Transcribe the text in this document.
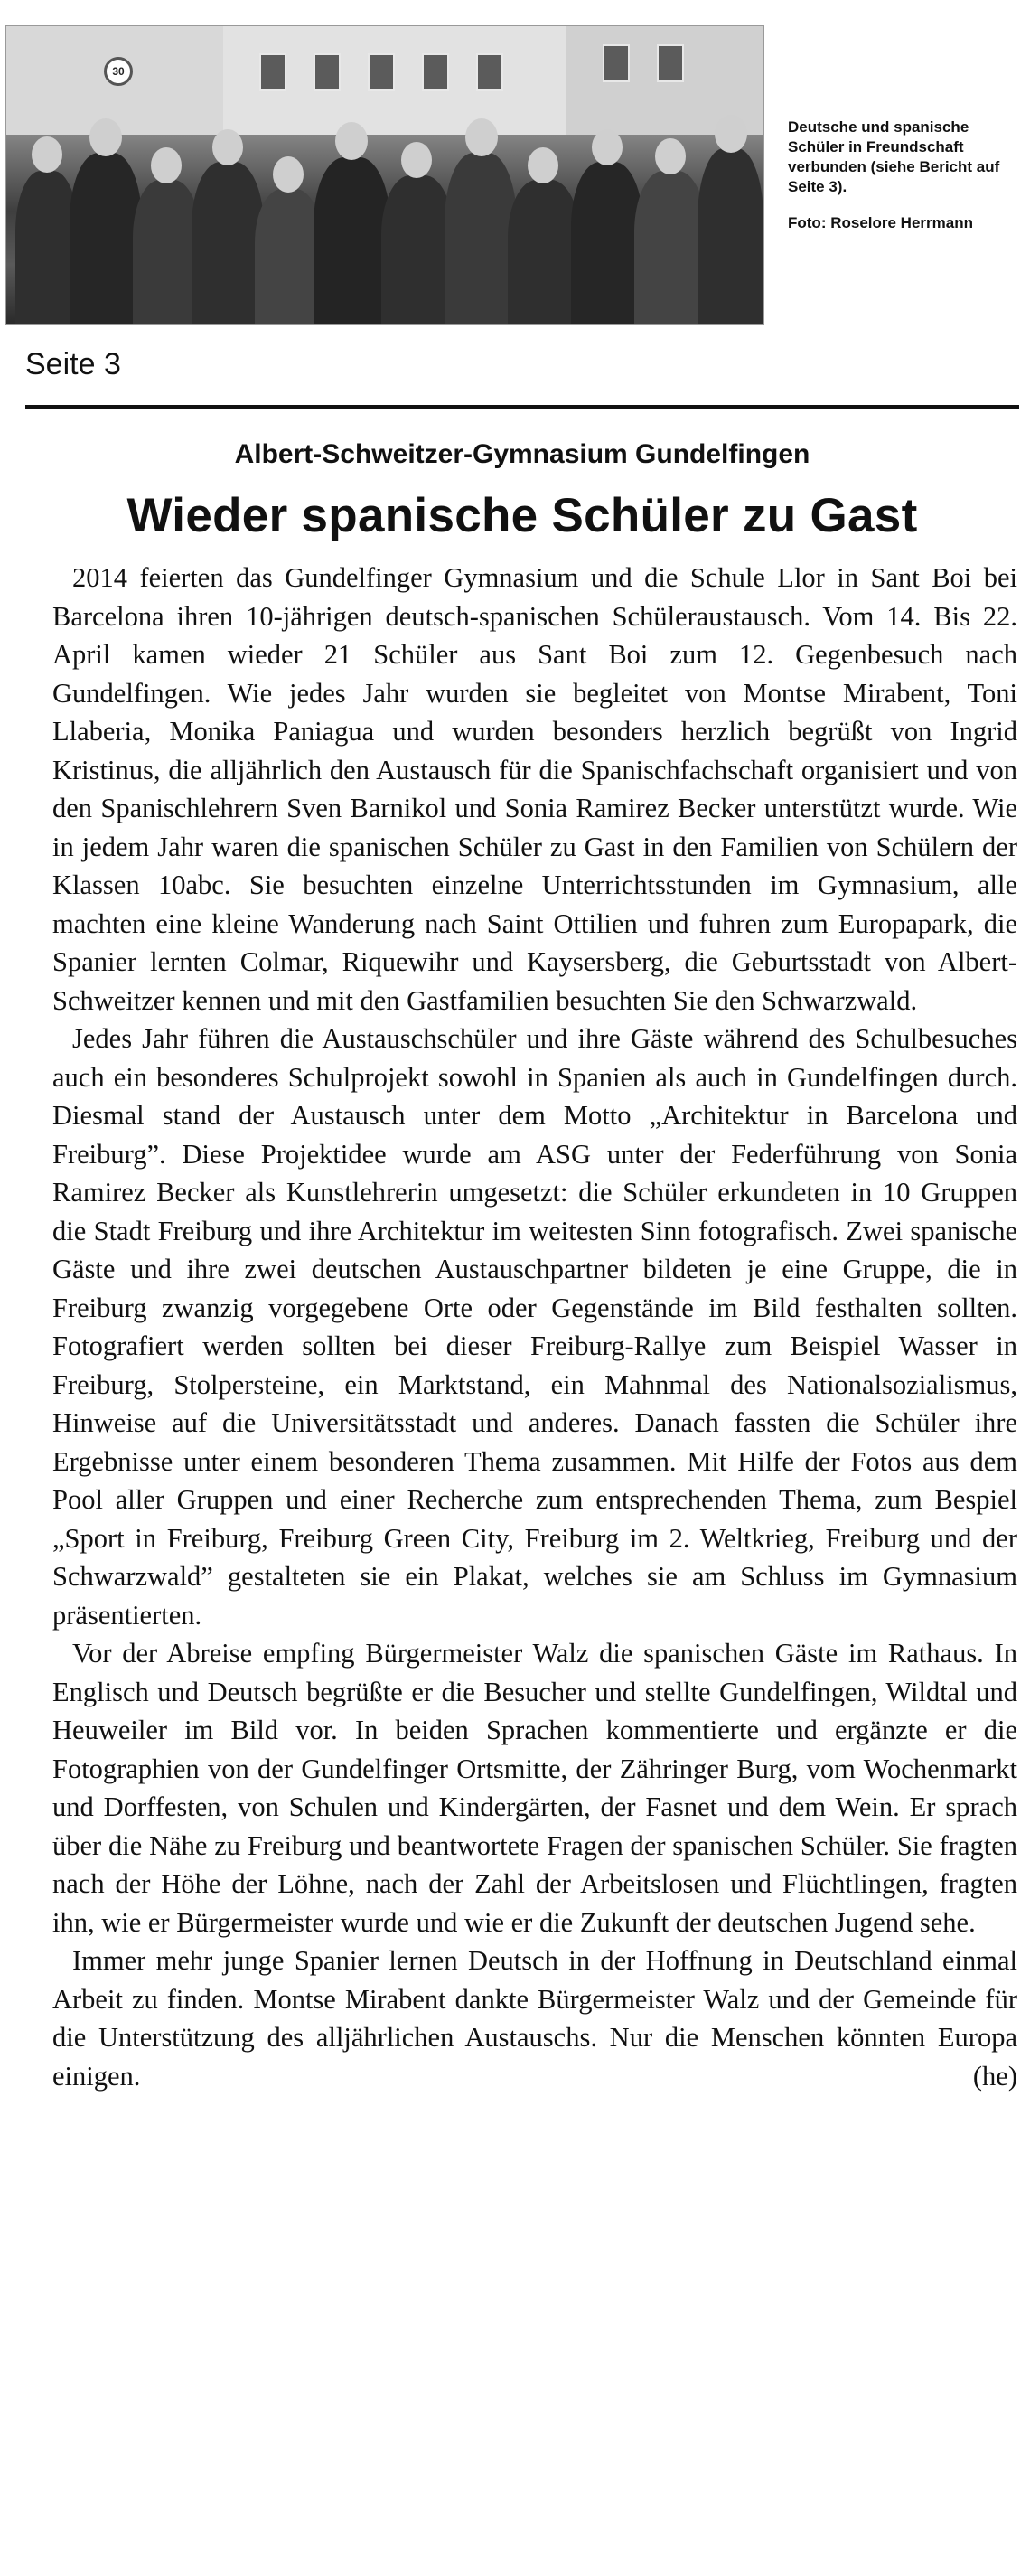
30
Deutsche und spanische Schüler in Freundschaft verbunden (siehe Bericht auf Seite 3).
Foto: Roselore Herrmann
Seite 3
Albert-Schweitzer-Gymnasium Gundelfingen
Wieder spanische Schüler zu Gast

2014 feierten das Gundelfinger Gymnasium und die Schule Llor in Sant Boi bei Barcelona ihren 10-jährigen deutsch-spanischen Schüleraustausch. Vom 14. Bis 22. April kamen wieder 21 Schüler aus Sant Boi zum 12. Gegenbesuch nach Gundelfingen. Wie jedes Jahr wurden sie begleitet von Montse Mirabent, Toni Llaberia, Monika Paniagua und wurden besonders herzlich begrüßt von Ingrid Kristinus, die alljährlich den Austausch für die Spanischfachschaft organisiert und von den Spanischlehrern Sven Barnikol und Sonia Ramirez Becker unterstützt wurde. Wie in jedem Jahr waren die spanischen Schüler zu Gast in den Familien von Schülern der Klassen 10abc. Sie besuchten einzelne Unterrichtsstunden im Gymnasium, alle machten eine kleine Wanderung nach Saint Ottilien und fuhren zum Europapark, die Spanier lernten Colmar, Riquewihr und Kaysersberg, die Geburtsstadt von Albert-Schweitzer kennen und mit den Gastfamilien besuchten Sie den Schwarzwald.

Jedes Jahr führen die Austauschschüler und ihre Gäste während des Schulbesuches auch ein besonderes Schulprojekt sowohl in Spanien als auch in Gundelfingen durch. Diesmal stand der Austausch unter dem Motto „Architektur in Barcelona und Freiburg”. Diese Projektidee wurde am ASG unter der Federführung von Sonia Ramirez Becker als Kunstlehrerin umgesetzt: die Schüler erkundeten in 10 Gruppen die Stadt Freiburg und ihre Architektur im weitesten Sinn fotografisch. Zwei spanische Gäste und ihre zwei deutschen Austauschpartner bildeten je eine Gruppe, die in Freiburg zwanzig vorgegebene Orte oder Gegenstände im Bild festhalten sollten. Fotografiert werden sollten bei dieser Freiburg-Rallye zum Beispiel Wasser in Freiburg, Stolpersteine, ein Marktstand, ein Mahnmal des Nationalsozialismus, Hinweise auf die Universitätsstadt und anderes. Danach fassten die Schüler ihre Ergebnisse unter einem besonderen Thema zusammen. Mit Hilfe der Fotos aus dem Pool aller Gruppen und einer Recherche zum entsprechenden Thema, zum Bespiel „Sport in Freiburg, Freiburg Green City, Freiburg im 2. Weltkrieg, Freiburg und der Schwarzwald” gestalteten sie ein Plakat, welches sie am Schluss im Gymnasium präsentierten.

Vor der Abreise empfing Bürgermeister Walz die spanischen Gäste im Rathaus. In Englisch und Deutsch begrüßte er die Besucher und stellte Gundelfingen, Wildtal und Heuweiler im Bild vor. In beiden Sprachen kommentierte und ergänzte er die Fotographien von der Gundelfinger Ortsmitte, der Zähringer Burg, vom Wochenmarkt und Dorffesten, von Schulen und Kindergärten, der Fasnet und dem Wein. Er sprach über die Nähe zu Freiburg und beantwortete Fragen der spanischen Schüler. Sie fragten nach der Höhe der Löhne, nach der Zahl der Arbeitslosen und Flüchtlingen, fragten ihn, wie er Bürgermeister wurde und wie er die Zukunft der deutschen Jugend sehe.

Immer mehr junge Spanier lernen Deutsch in der Hoffnung in Deutschland einmal Arbeit zu finden. Montse Mirabent dankte Bürgermeister Walz und der Gemeinde für die Unterstützung des alljährlichen Austauschs. Nur die Menschen könnten Europa einigen.	(he)
